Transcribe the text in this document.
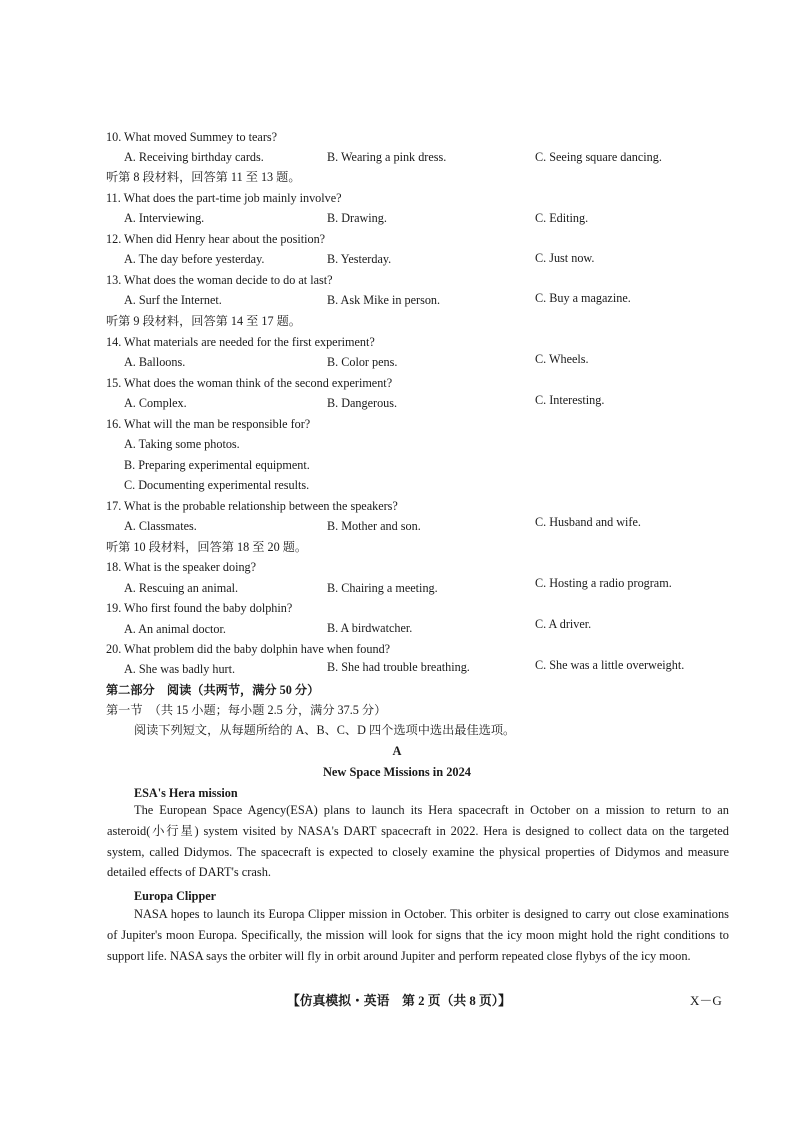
10. What moved Summey to tears?
A. Receiving birthday cards.	B. Wearing a pink dress.	C. Seeing square dancing.
听第 8 段材料，回答第 11 至 13 题。
11. What does the part-time job mainly involve?
A. Interviewing.	B. Drawing.	C. Editing.
12. When did Henry hear about the position?
A. The day before yesterday.	B. Yesterday.	C. Just now.
13. What does the woman decide to do at last?
A. Surf the Internet.	B. Ask Mike in person.	C. Buy a magazine.
听第 9 段材料，回答第 14 至 17 题。
14. What materials are needed for the first experiment?
A. Balloons.	B. Color pens.	C. Wheels.
15. What does the woman think of the second experiment?
A. Complex.	B. Dangerous.	C. Interesting.
16. What will the man be responsible for?
A. Taking some photos.
B. Preparing experimental equipment.
C. Documenting experimental results.
17. What is the probable relationship between the speakers?
A. Classmates.	B. Mother and son.	C. Husband and wife.
听第 10 段材料，回答第 18 至 20 题。
18. What is the speaker doing?
A. Rescuing an animal.	B. Chairing a meeting.	C. Hosting a radio program.
19. Who first found the baby dolphin?
A. An animal doctor.	B. A birdwatcher.	C. A driver.
20. What problem did the baby dolphin have when found?
A. She was badly hurt.	B. She had trouble breathing.	C. She was a little overweight.
第二部分　阅读（共两节，满分 50 分）
第一节　（共 15 小题；每小题 2.5 分，满分 37.5 分）
阅读下列短文，从每题所给的 A、B、C、D 四个选项中选出最佳选项。
A
New Space Missions in 2024
ESA's Hera mission
The European Space Agency(ESA) plans to launch its Hera spacecraft in October on a mission to return to an asteroid(小行星) system visited by NASA's DART spacecraft in 2022. Hera is designed to collect data on the targeted system, called Didymos. The spacecraft is expected to closely examine the physical properties of Didymos and measure detailed effects of DART's crash.
Europa Clipper
NASA hopes to launch its Europa Clipper mission in October. This orbiter is designed to carry out close examinations of Jupiter's moon Europa. Specifically, the mission will look for signs that the icy moon might hold the right conditions to support life. NASA says the orbiter will fly in orbit around Jupiter and perform repeated close flybys of the icy moon.
【仿真模拟・英语　第 2 页（共 8 页）】	X－G
